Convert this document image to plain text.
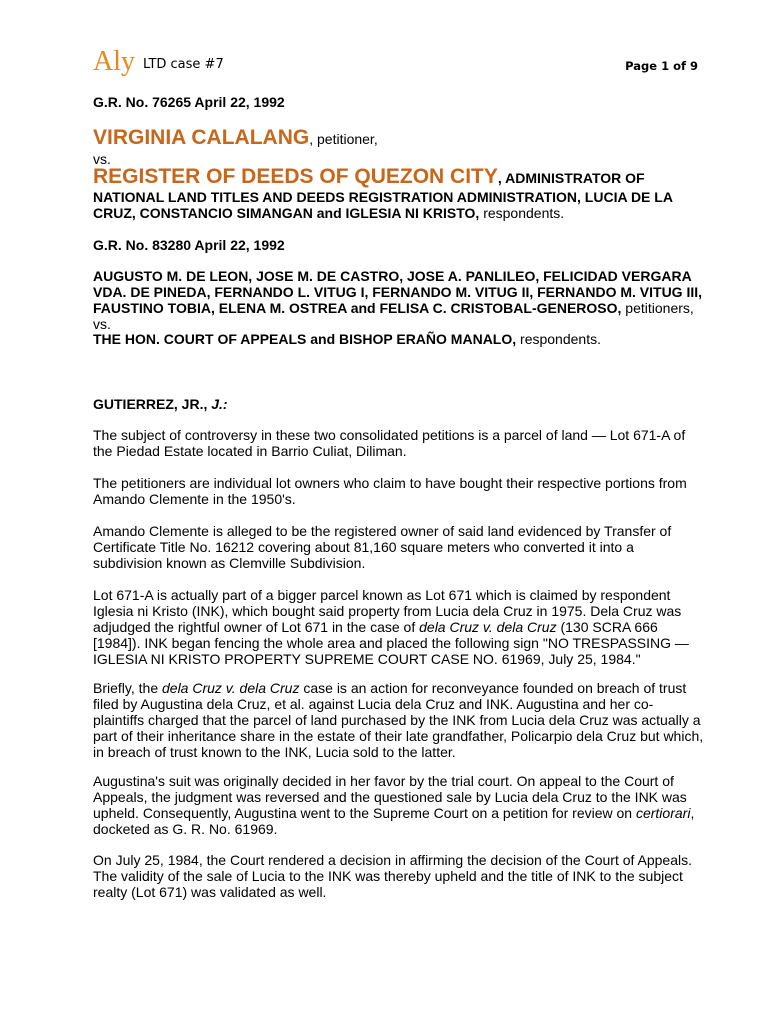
Aly LTD case #7	Page 1 of 9
G.R. No. 76265 April 22, 1992
VIRGINIA CALALANG, petitioner,
vs.
REGISTER OF DEEDS OF QUEZON CITY, ADMINISTRATOR OF
NATIONAL LAND TITLES AND DEEDS REGISTRATION ADMINISTRATION, LUCIA DE LA
CRUZ, CONSTANCIO SIMANGAN and IGLESIA NI KRISTO, respondents.
G.R. No. 83280 April 22, 1992
AUGUSTO M. DE LEON, JOSE M. DE CASTRO, JOSE A. PANLILEO, FELICIDAD VERGARA
VDA. DE PINEDA, FERNANDO L. VITUG I, FERNANDO M. VITUG II, FERNANDO M. VITUG III,
FAUSTINO TOBIA, ELENA M. OSTREA and FELISA C. CRISTOBAL-GENEROSO, petitioners,
vs.
THE HON. COURT OF APPEALS and BISHOP ERAÑO MANALO, respondents.
GUTIERREZ, JR., J.:

The subject of controversy in these two consolidated petitions is a parcel of land — Lot 671-A of

the Piedad Estate located in Barrio Culiat, Diliman.

The petitioners are individual lot owners who claim to have bought their respective portions from

Amando Clemente in the 1950's.

Amando Clemente is alleged to be the registered owner of said land evidenced by Transfer of

Certificate Title No. 16212 covering about 81,160 square meters who converted it into a

subdivision known as Clemville Subdivision.

Lot 671-A is actually part of a bigger parcel known as Lot 671 which is claimed by respondent

Iglesia ni Kristo (INK), which bought said property from Lucia dela Cruz in 1975. Dela Cruz was

adjudged the rightful owner of Lot 671 in the case of dela Cruz v. dela Cruz (130 SCRA 666

[1984]). INK began fencing the whole area and placed the following sign "NO TRESPASSING —

IGLESIA NI KRISTO PROPERTY SUPREME COURT CASE NO. 61969, July 25, 1984."

Briefly, the dela Cruz v. dela Cruz case is an action for reconveyance founded on breach of trust

filed by Augustina dela Cruz, et al. against Lucia dela Cruz and INK. Augustina and her co-

plaintiffs charged that the parcel of land purchased by the INK from Lucia dela Cruz was actually a

part of their inheritance share in the estate of their late grandfather, Policarpio dela Cruz but which,

in breach of trust known to the INK, Lucia sold to the latter.

Augustina's suit was originally decided in her favor by the trial court. On appeal to the Court of

Appeals, the judgment was reversed and the questioned sale by Lucia dela Cruz to the INK was

upheld. Consequently, Augustina went to the Supreme Court on a petition for review on certiorari,

docketed as G. R. No. 61969.

On July 25, 1984, the Court rendered a decision in affirming the decision of the Court of Appeals.

The validity of the sale of Lucia to the INK was thereby upheld and the title of INK to the subject

realty (Lot 671) was validated as well.
